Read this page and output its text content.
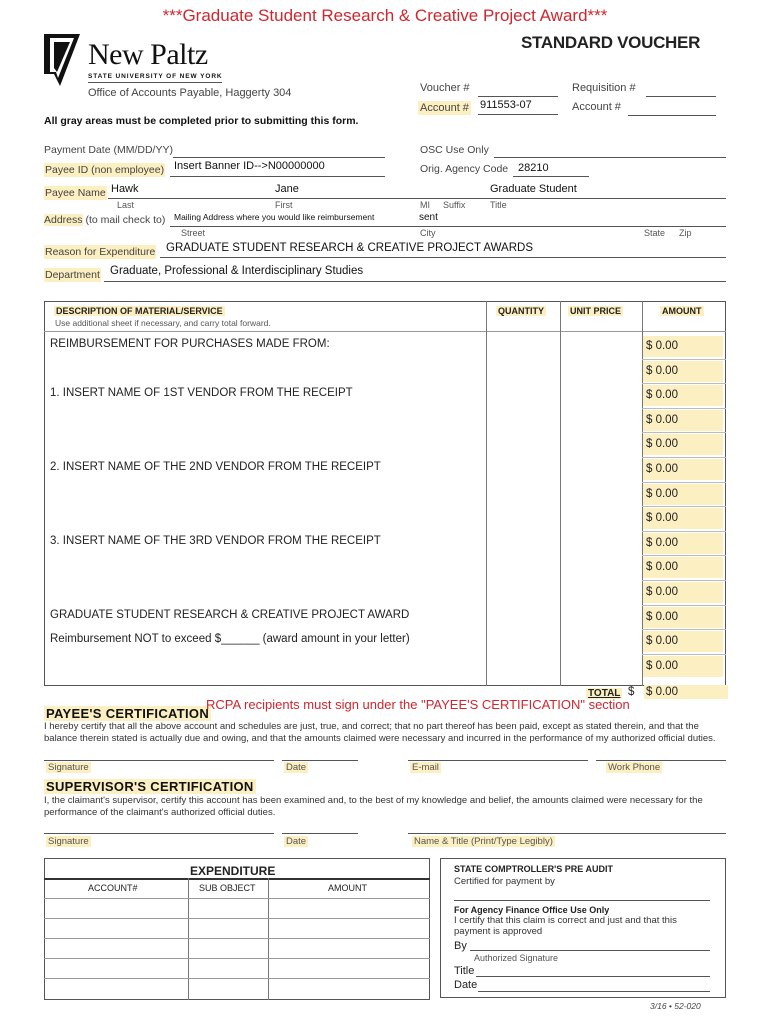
***Graduate Student Research & Creative Project Award***
STANDARD VOUCHER
New Paltz
STATE UNIVERSITY OF NEW YORK
Office of Accounts Payable, Haggerty 304	Voucher #
Account # 911553-07
Requisition #
Account #
All gray areas must be completed prior to submitting this form.
Payment Date (MM/DD/YY)
Payee ID (non employee) Insert Banner ID-->N00000000
OSC Use Only
Orig. Agency Code 28210
Payee Name Hawk	Jane	Graduate Student
Last	First	MI Suffix	Title
Address (to mail check to) Mailing Address where you would like reimbursement	sent
Street	City	State Zip
Reason for Expenditure GRADUATE STUDENT RESEARCH & CREATIVE PROJECT AWARDS
Department Graduate, Professional & Interdisciplinary Studies
DESCRIPTION OF MATERIAL/SERVICE
Use additional sheet if necessary, and carry total forward.
QUANTITY	UNIT PRICE	AMOUNT
REIMBURSEMENT FOR PURCHASES MADE FROM:	$ 0.00
$ 0.00
1. INSERT NAME OF 1ST VENDOR FROM THE RECEIPT	$ 0.00
$ 0.00
$ 0.00
2. INSERT NAME OF THE 2ND VENDOR FROM THE RECEIPT	$ 0.00
$ 0.00
$ 0.00
3. INSERT NAME OF THE 3RD VENDOR FROM THE RECEIPT	$ 0.00
$ 0.00
$ 0.00
GRADUATE STUDENT RESEARCH & CREATIVE PROJECT AWARD	$ 0.00
Reimbursement NOT to exceed $______ (award amount in your letter)	$ 0.00
$ 0.00
TOTAL $ $ 0.00
PAYEE'S CERTIFICATION
RCPA recipients must sign under the "PAYEE'S CERTIFICATION" section
I hereby certify that all the above account and schedules are just, true, and correct; that no part thereof has been paid, except as stated therein, and that the
balance therein stated is actually due and owing, and that the amounts claimed were necessary and incurred in the performance of my authorized official duties.
Signature	Date	E-mail	Work Phone
SUPERVISOR'S CERTIFICATION
I, the claimant's supervisor, certify this account has been examined and, to the best of my knowledge and belief, the amounts claimed were necessary for the
performance of the claimant's authorized official duties.
Signature	Date	Name & Title (Print/Type Legibly)
EXPENDITURE
ACCOUNT#	SUB OBJECT	AMOUNT
STATE COMPTROLLER'S PRE AUDIT
Certified for payment by
For Agency Finance Office Use Only
I certify that this claim is correct and just and that this
payment is approved
By
Authorized Signature
Title
Date
3/16 • 52-020
